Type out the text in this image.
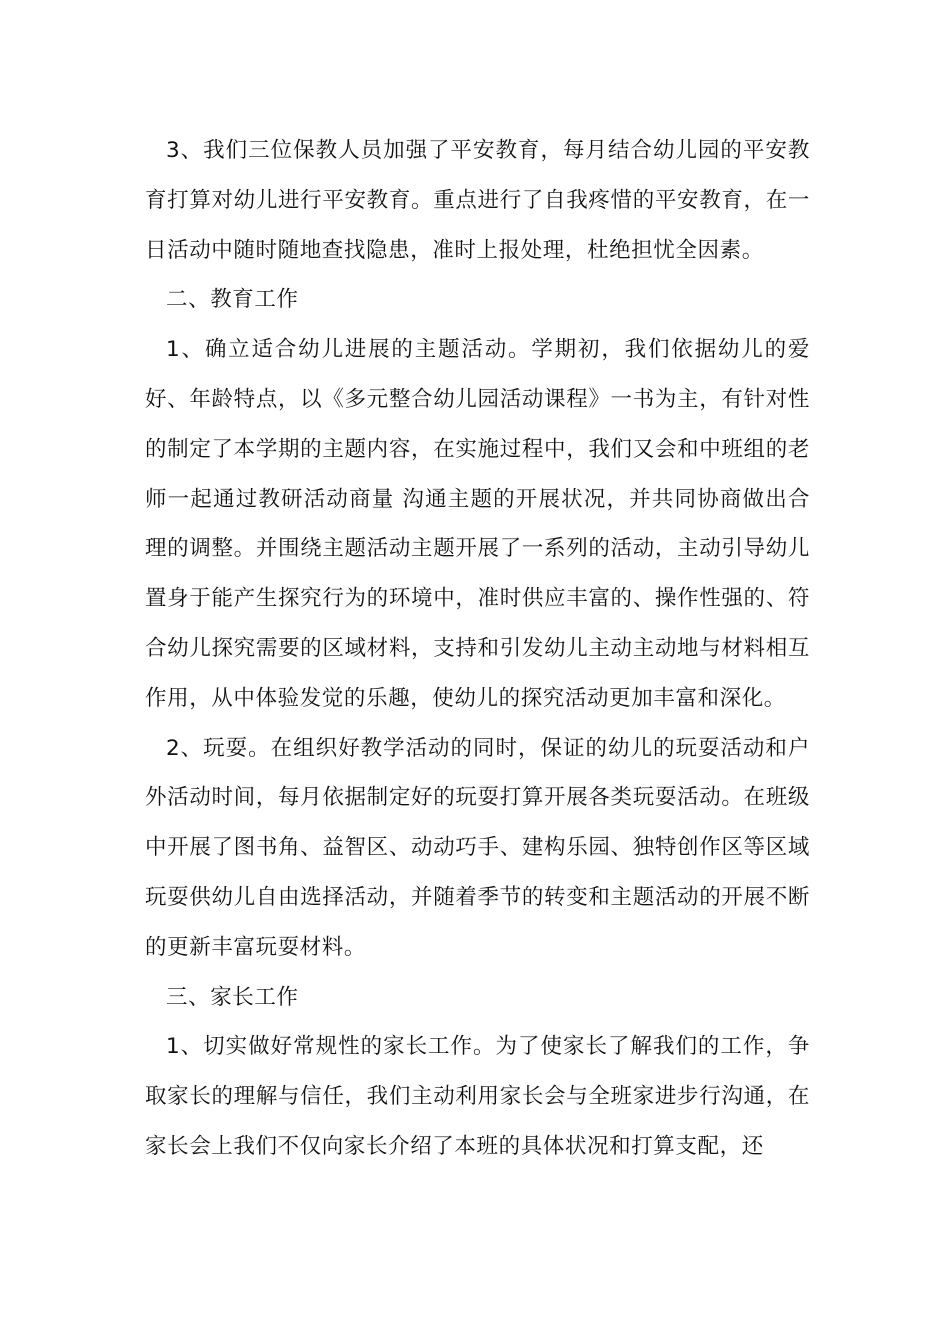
3、我们三位保教人员加强了平安教育，每月结合幼儿园的平安教育打算对幼儿进行平安教育。重点进行了自我疼惜的平安教育，在一日活动中随时随地查找隐患，准时上报处理，杜绝担忧全因素。

二、教育工作

1、确立适合幼儿进展的主题活动。学期初，我们依据幼儿的爱好、年龄特点，以《多元整合幼儿园活动课程》一书为主，有针对性的制定了本学期的主题内容，在实施过程中，我们又会和中班组的老师一起通过教研活动商量 沟通主题的开展状况，并共同协商做出合理的调整。并围绕主题活动主题开展了一系列的活动，主动引导幼儿置身于能产生探究行为的环境中，准时供应丰富的、操作性强的、符合幼儿探究需要的区域材料，支持和引发幼儿主动主动地与材料相互作用，从中体验发觉的乐趣，使幼儿的探究活动更加丰富和深化。

2、玩耍。在组织好教学活动的同时，保证的幼儿的玩耍活动和户外活动时间，每月依据制定好的玩耍打算开展各类玩耍活动。在班级中开展了图书角、益智区、动动巧手、建构乐园、独特创作区等区域玩耍供幼儿自由选择活动，并随着季节的转变和主题活动的开展不断的更新丰富玩耍材料。

三、家长工作

1、切实做好常规性的家长工作。为了使家长了解我们的工作，争取家长的理解与信任，我们主动利用家长会与全班家进步行沟通，在家长会上我们不仅向家长介绍了本班的具体状况和打算支配，还
